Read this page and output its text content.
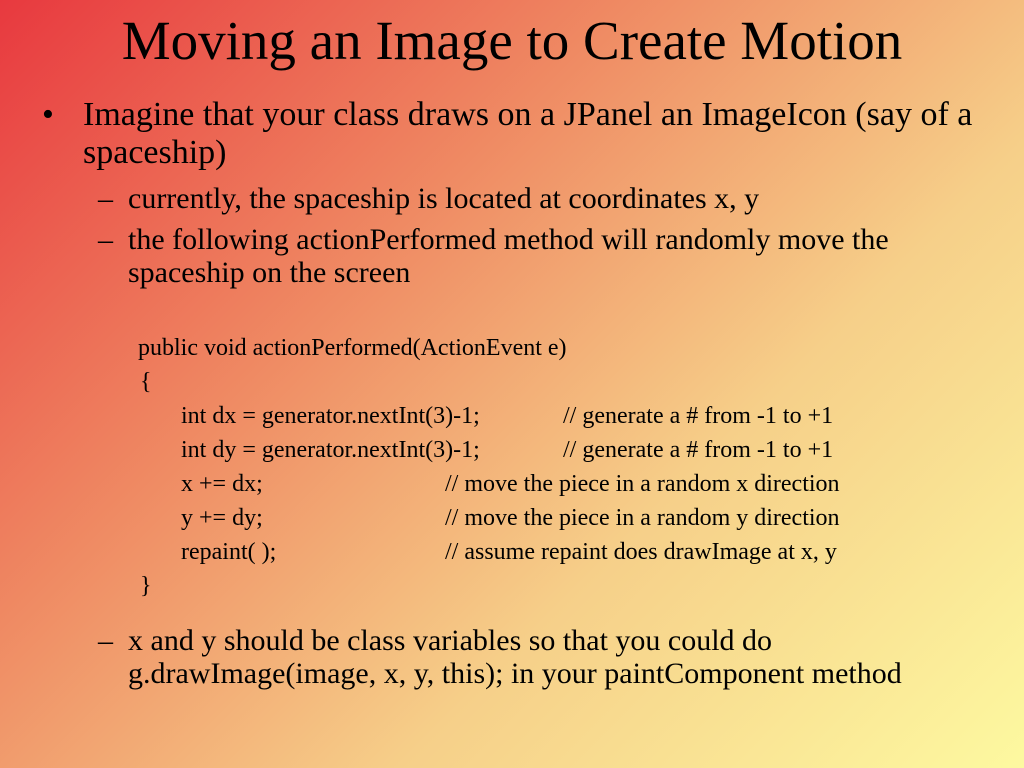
Moving an Image to Create Motion
• Imagine that your class draws on a JPanel an ImageIcon (say of a spaceship)
– currently, the spaceship is located at coordinates x, y
– the following actionPerformed method will randomly move the spaceship on the screen
public void actionPerformed(ActionEvent e)
{
int dx = generator.nextInt(3)-1;	// generate a # from -1 to +1
int dy = generator.nextInt(3)-1;	// generate a # from -1 to +1
x += dx;	// move the piece in a random x direction
y += dy;	// move the piece in a random y direction
repaint( );	// assume repaint does drawImage at x, y
}
– x and y should be class variables so that you could do g.drawImage(image, x, y, this); in your paintComponent method
